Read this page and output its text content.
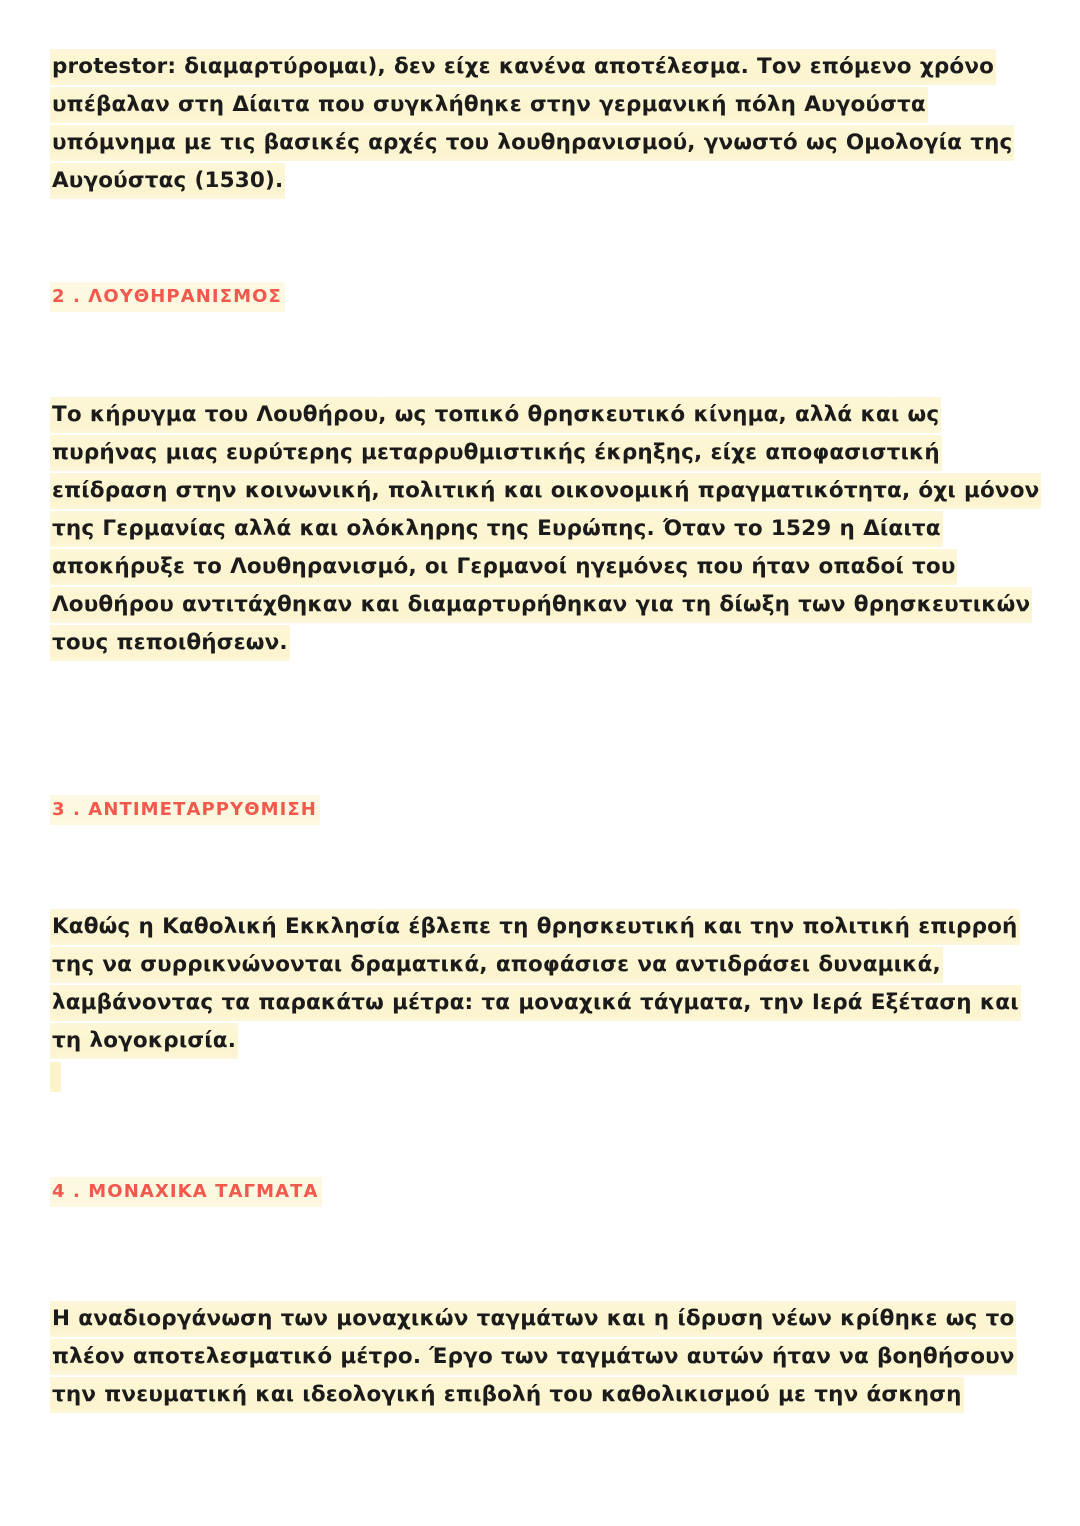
protestor: διαμαρτύρομαι), δεν είχε κανένα αποτέλεσμα. Τον επόμενο χρόνο υπέβαλαν στη Δίαιτα που συγκλήθηκε στην γερμανική πόλη Αυγούστα υπόμνημα με τις βασικές αρχές του λουθηρανισμού, γνωστό ως Ομολογία της Αυγούστας (1530).
2 . ΛΟΥΘΗΡΑΝΙΣΜΟΣ
Το κήρυγμα του Λουθήρου, ως τοπικό θρησκευτικό κίνημα, αλλά και ως πυρήνας μιας ευρύτερης μεταρρυθμιστικής έκρηξης, είχε αποφασιστική επίδραση στην κοινωνική, πολιτική και οικονομική πραγματικότητα, όχι μόνον της Γερμανίας αλλά και ολόκληρης της Ευρώπης. Όταν το 1529 η Δίαιτα αποκήρυξε το Λουθηρανισμό, οι Γερμανοί ηγεμόνες που ήταν οπαδοί του Λουθήρου αντιτάχθηκαν και διαμαρτυρήθηκαν για τη δίωξη των θρησκευτικών τους πεποιθήσεων.
3 . ΑΝΤΙΜΕΤΑΡΡΥΘΜΙΣΗ
Καθώς η Καθολική Εκκλησία έβλεπε τη θρησκευτική και την πολιτική επιρροή της να συρρικνώνονται δραματικά, αποφάσισε να αντιδράσει δυναμικά, λαμβάνοντας τα παρακάτω μέτρα: τα μοναχικά τάγματα, την Ιερά Εξέταση και τη λογοκρισία.
4 . ΜΟΝΑΧΙΚΑ ΤΑΓΜΑΤΑ
Η αναδιοργάνωση των μοναχικών ταγμάτων και η ίδρυση νέων κρίθηκε ως το πλέον αποτελεσματικό μέτρο. Έργο των ταγμάτων αυτών ήταν να βοηθήσουν την πνευματική και ιδεολογική επιβολή του καθολικισμού με την άσκηση
